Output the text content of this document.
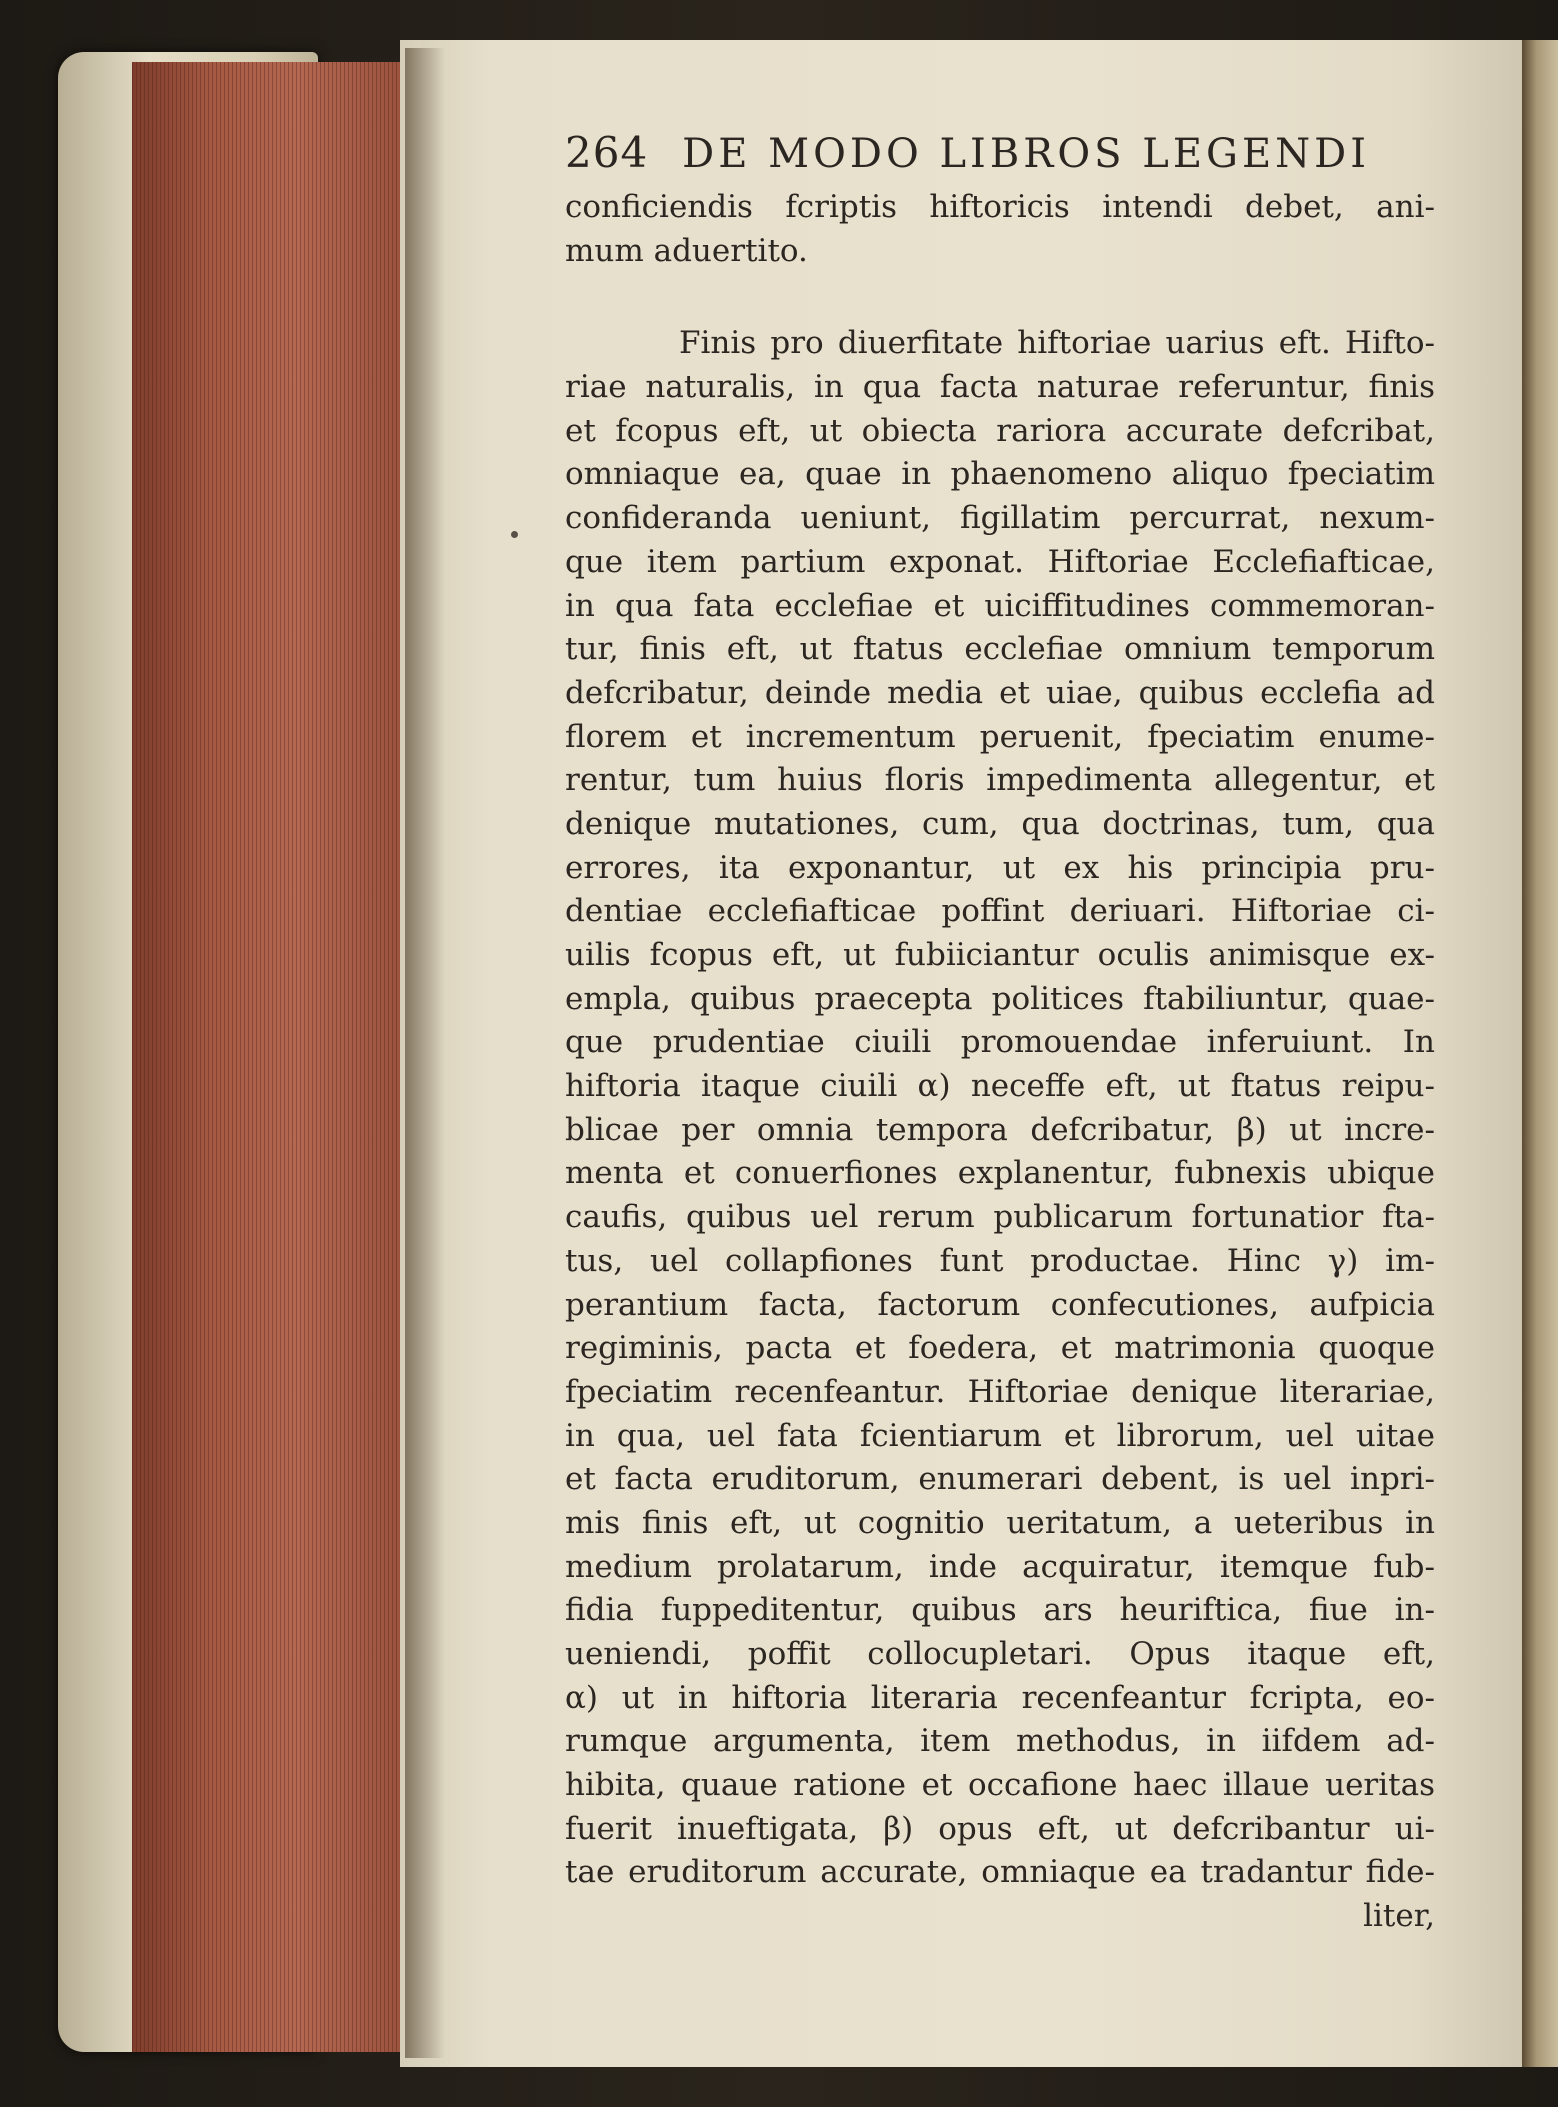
264 DE MODO LIBROS LEGENDI
conficiendis fcriptis hiftoricis intendi debet, ani-
mum aduertito.
Finis pro diuerfitate hiftoriae uarius eft. Hifto-
riae naturalis, in qua facta naturae referuntur, finis
et fcopus eft, ut obiecta rariora accurate defcribat,
omniaque ea, quae in phaenomeno aliquo fpeciatim
confideranda ueniunt, figillatim percurrat, nexum-
que item partium exponat. Hiftoriae Ecclefiafticae,
in qua fata ecclefiae et uiciffitudines commemoran-
tur, finis eft, ut ftatus ecclefiae omnium temporum
defcribatur, deinde media et uiae, quibus ecclefia ad
florem et incrementum peruenit, fpeciatim enume-
rentur, tum huius floris impedimenta allegentur, et
denique mutationes, cum, qua doctrinas, tum, qua
errores, ita exponantur, ut ex his principia pru-
dentiae ecclefiafticae poffint deriuari. Hiftoriae ci-
uilis fcopus eft, ut fubiiciantur oculis animisque ex-
empla, quibus praecepta politices ftabiliuntur, quae-
que prudentiae ciuili promouendae inferuiunt. In
hiftoria itaque ciuili α) neceffe eft, ut ftatus reipu-
blicae per omnia tempora defcribatur, β) ut incre-
menta et conuerfiones explanentur, fubnexis ubique
caufis, quibus uel rerum publicarum fortunatior fta-
tus, uel collapfiones funt productae. Hinc γ) im-
perantium facta, factorum confecutiones, aufpicia
regiminis, pacta et foedera, et matrimonia quoque
fpeciatim recenfeantur. Hiftoriae denique literariae,
in qua, uel fata fcientiarum et librorum, uel uitae
et facta eruditorum, enumerari debent, is uel inpri-
mis finis eft, ut cognitio ueritatum, a ueteribus in
medium prolatarum, inde acquiratur, itemque fub-
fidia fuppeditentur, quibus ars heuriftica, fiue in-
ueniendi, poffit collocupletari. Opus itaque eft,
α) ut in hiftoria literaria recenfeantur fcripta, eo-
rumque argumenta, item methodus, in iifdem ad-
hibita, quaue ratione et occafione haec illaue ueritas
fuerit inueftigata, β) opus eft, ut defcribantur ui-
tae eruditorum accurate, omniaque ea tradantur fide-
liter,
